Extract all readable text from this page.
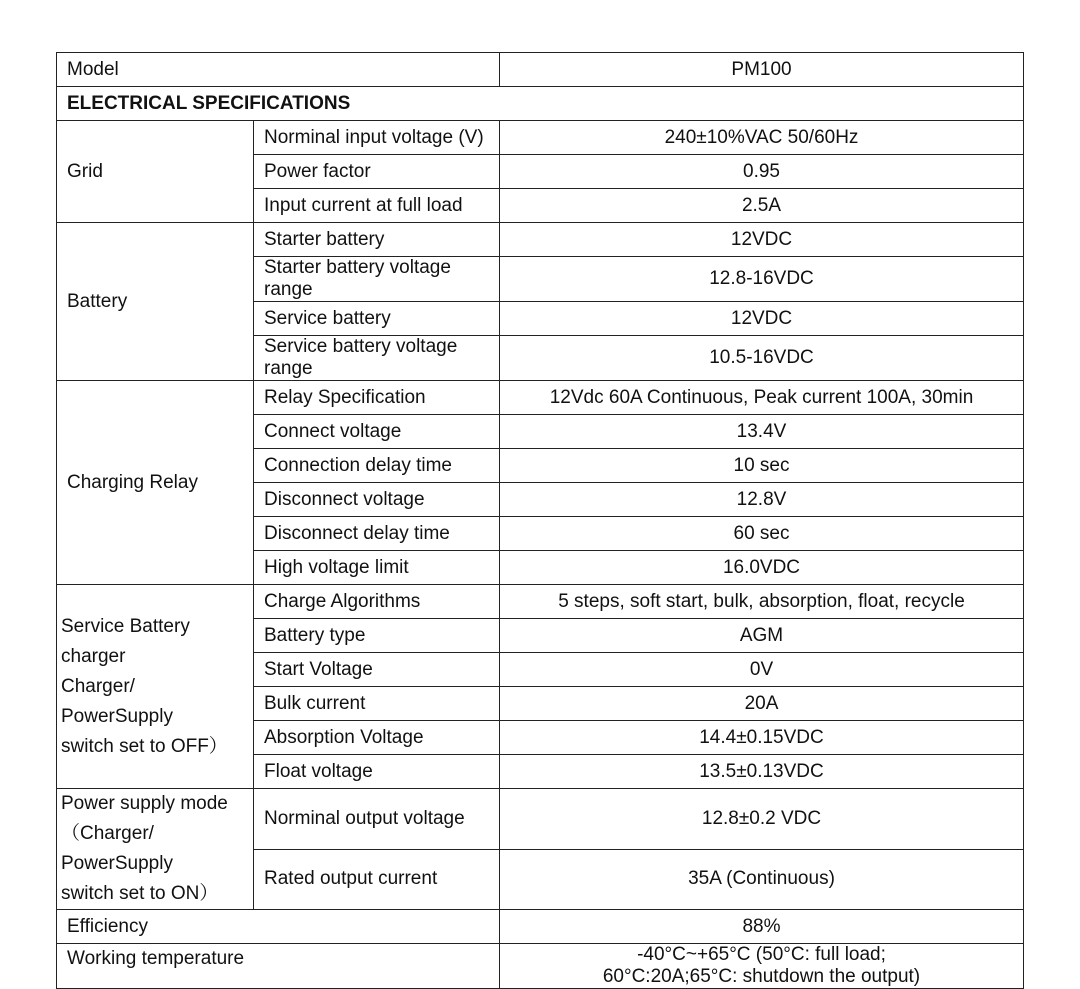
Model		PM100
ELECTRICAL SPECIFICATIONS		

Grid	Norminal input voltage (V)	240±10%VAC 50/60Hz
	Power factor	0.95
	Input current at full load	2.5A

Battery	Starter battery	12VDC
	Starter battery voltage range	12.8-16VDC
	Service battery	12VDC
	Service battery voltage range	10.5-16VDC

Charging Relay	Relay Specification	12Vdc 60A Continuous, Peak current 100A, 30min
	Connect voltage	13.4V
	Connection delay time	10 sec
	Disconnect voltage	12.8V
	Disconnect delay time	60 sec
	High voltage limit	16.0VDC

Service Battery charger
Charger/ PowerSupply
switch set to OFF）	Charge Algorithms	5 steps, soft start, bulk, absorption, float, recycle
	Battery type	AGM
	Start Voltage	0V
	Bulk current	20A
	Absorption Voltage	14.4±0.15VDC
	Float voltage	13.5±0.13VDC

Power supply mode
（Charger/ PowerSupply
switch set to ON）	Norminal output voltage	12.8±0.2 VDC
	Rated output current	35A (Continuous)
Efficiency		88%

Working temperature		-40°C~+65°C (50°C: full load;
60°C:20A;65°C: shutdown the output)
